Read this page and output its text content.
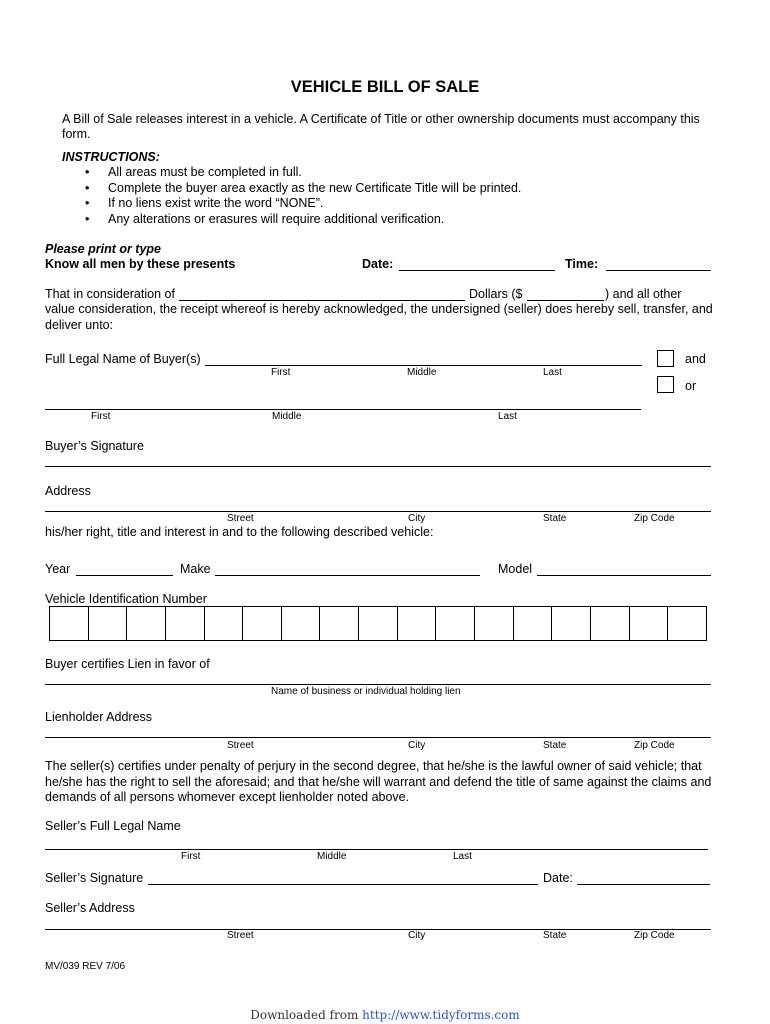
VEHICLE BILL OF SALE
A Bill of Sale releases interest in a vehicle. A Certificate of Title or other ownership documents must accompany this form.
INSTRUCTIONS:
• All areas must be completed in full.
• Complete the buyer area exactly as the new Certificate Title will be printed.
• If no liens exist write the word “NONE”.
• Any alterations or erasures will require additional verification.
Please print or type
Know all men by these presents	Date:	Time:
That in consideration of	Dollars ($	) and all other
value consideration, the receipt whereof is hereby acknowledged, the undersigned (seller) does hereby sell, transfer, and deliver unto:
Full Legal Name of Buyer(s)
First	Middle	Last
and
or
First	Middle	Last
Buyer’s Signature
Address
Street	City	State	Zip Code
his/her right, title and interest in and to the following described vehicle:
Year	Make	Model
Vehicle Identification Number
Buyer certifies Lien in favor of
Name of business or individual holding lien
Lienholder Address
Street	City	State	Zip Code
The seller(s) certifies under penalty of perjury in the second degree, that he/she is the lawful owner of said vehicle; that he/she has the right to sell the aforesaid; and that he/she will warrant and defend the title of same against the claims and demands of all persons whomever except lienholder noted above.
Seller’s Full Legal Name
First	Middle	Last
Seller’s Signature	Date:
Seller’s Address
Street	City	State	Zip Code
MV/039 REV 7/06
Downloaded from http://www.tidyforms.com
